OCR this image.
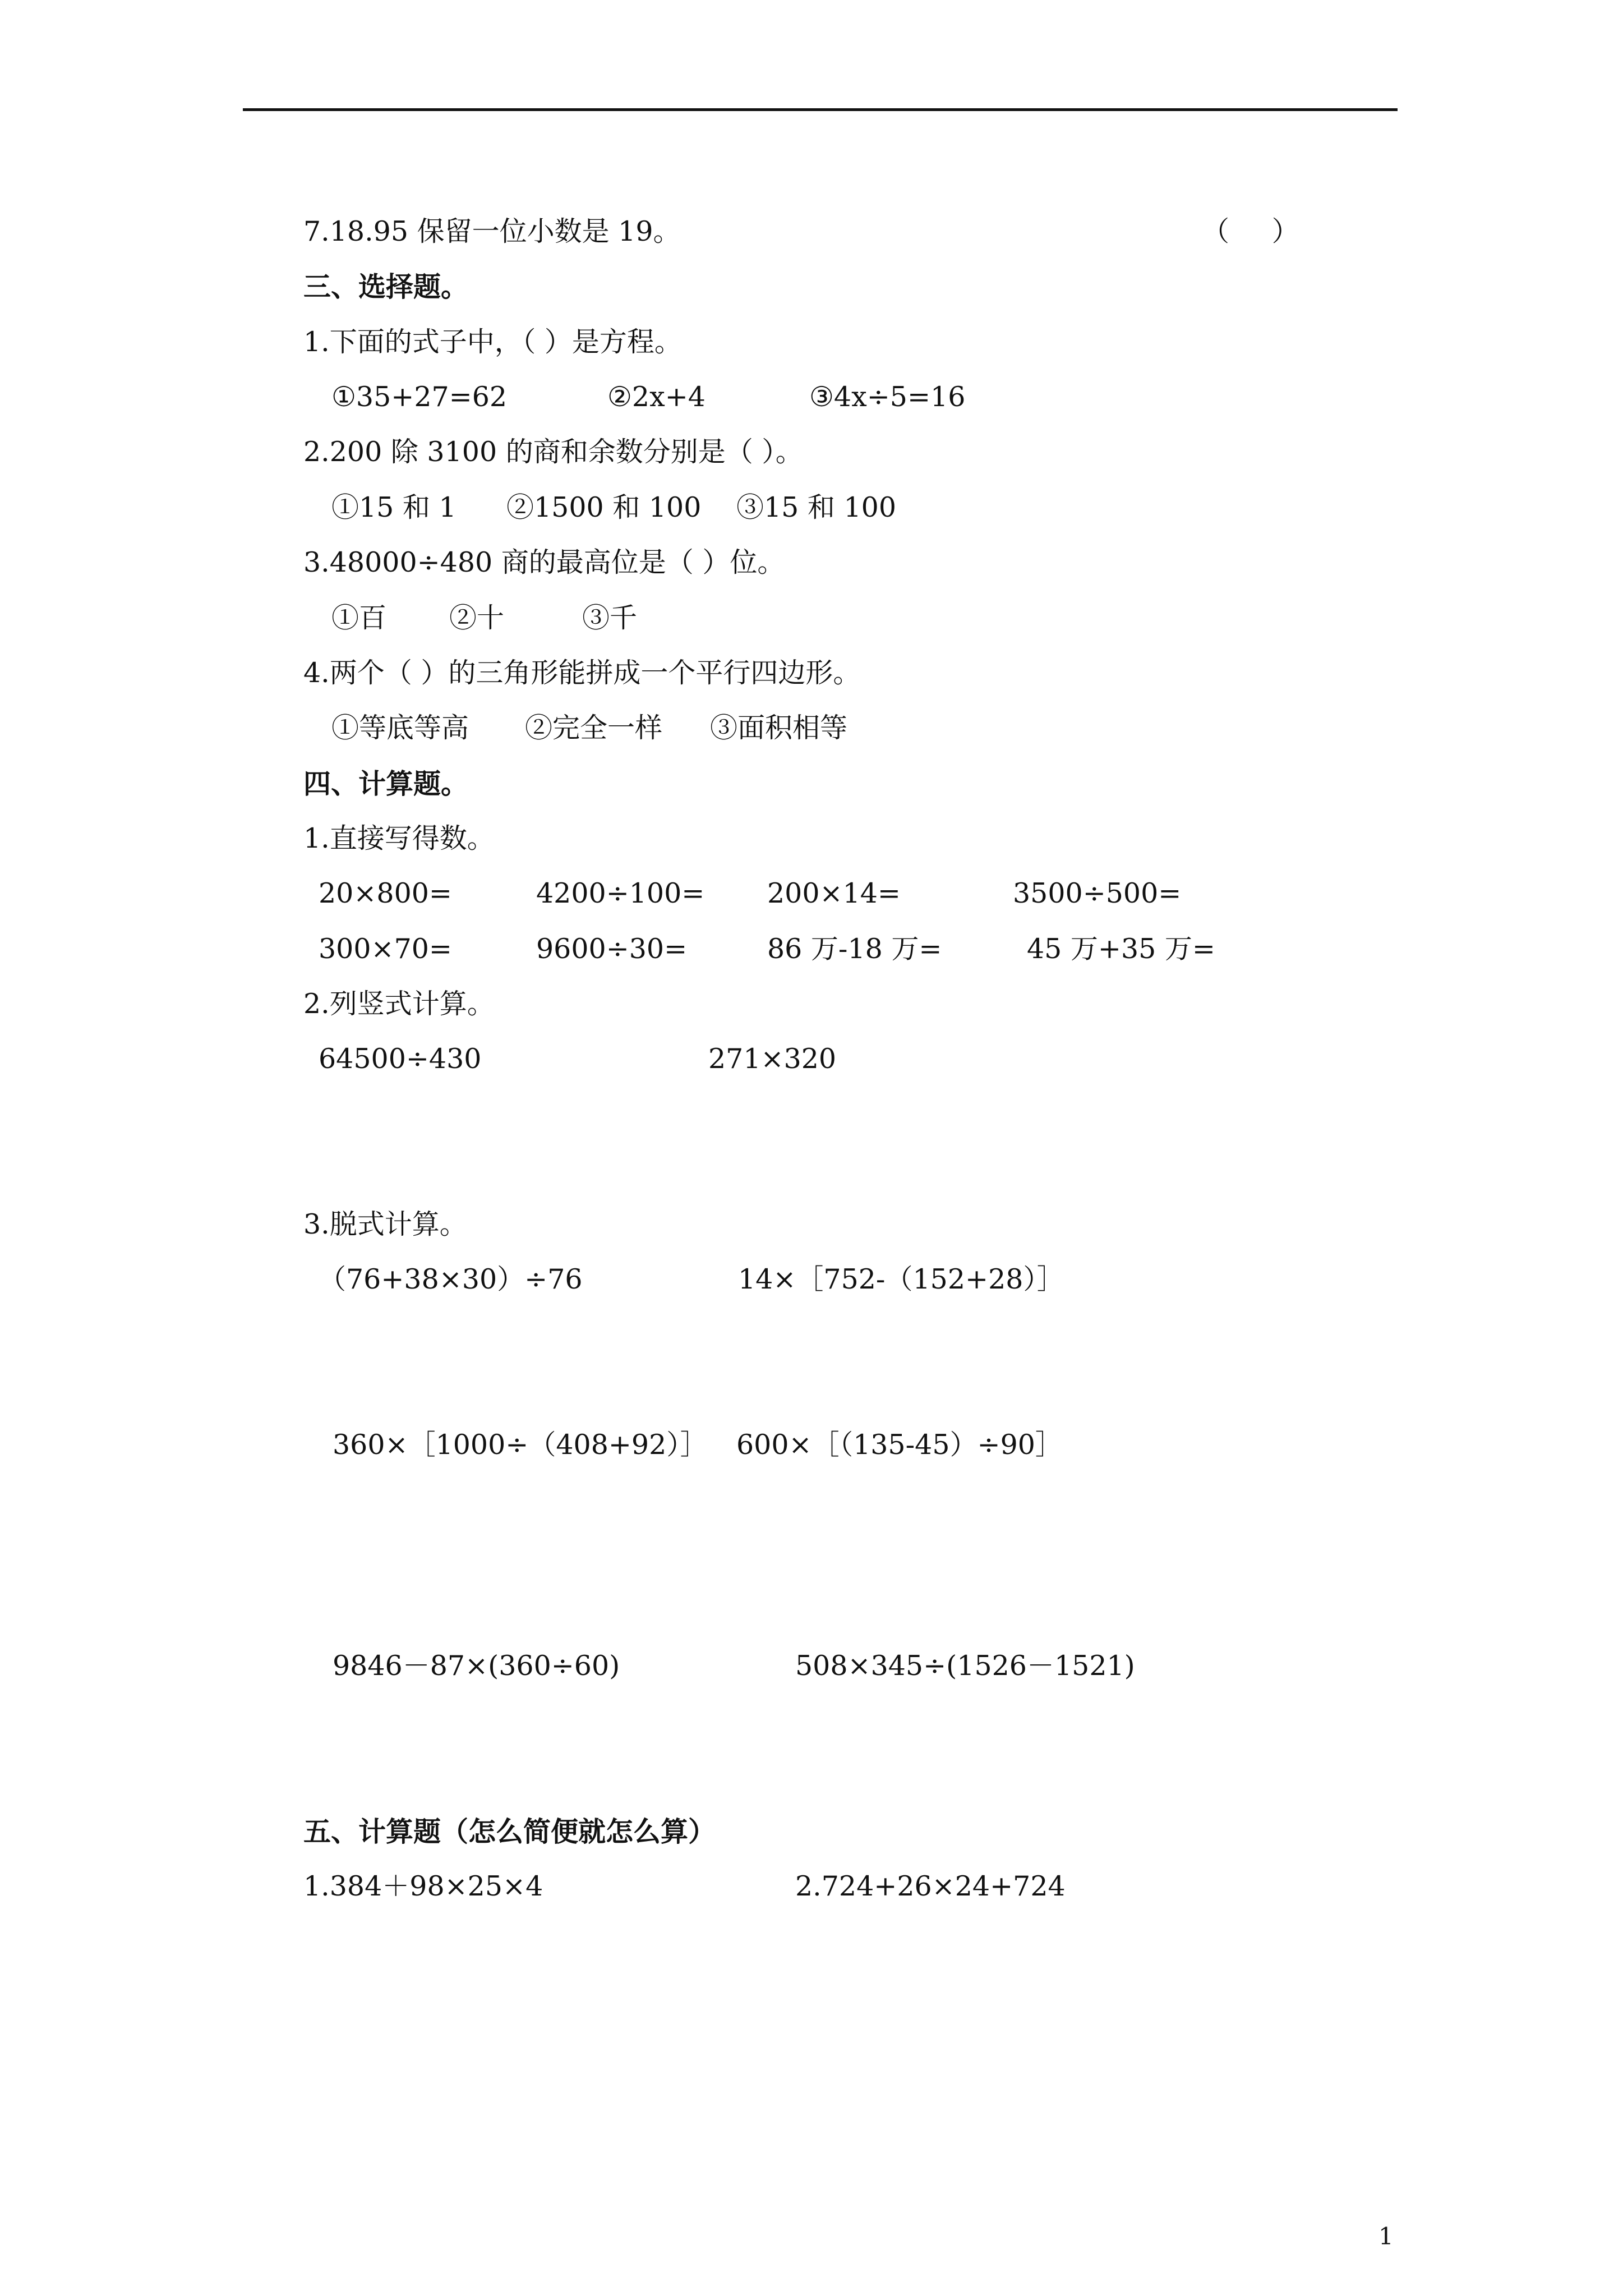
7.18.95 保留一位小数是 19。	（ ）
三、选择题。
1.下面的式子中，（ ）是方程。
①35+27=62	②2x+4	③4x÷5=16
2.200 除 3100 的商和余数分别是（ ）。
①15 和 1 ②1500 和 100 ③15 和 100
3.48000÷480 商的最高位是（ ）位。
①百 ②十	③千
4.两个（ ）的三角形能拼成一个平行四边形。
①等底等高 ②完全一样 ③面积相等
四、计算题。
1.直接写得数。
20×800=	4200÷100= 200×14=	3500÷500=
300×70=	9600÷30=	86 万-18 万=	45 万+35 万=
2.列竖式计算。
64500÷430	271×320
3.脱式计算。
（76+38×30）÷76	14×［752-（152+28）］
360×［1000÷（408+92）］ 600×［（135-45）÷90］
9846－87×(360÷60)	508×345÷(1526－1521)
五、计算题（怎么简便就怎么算）
1.384＋98×25×4	2.724+26×24+724
1
